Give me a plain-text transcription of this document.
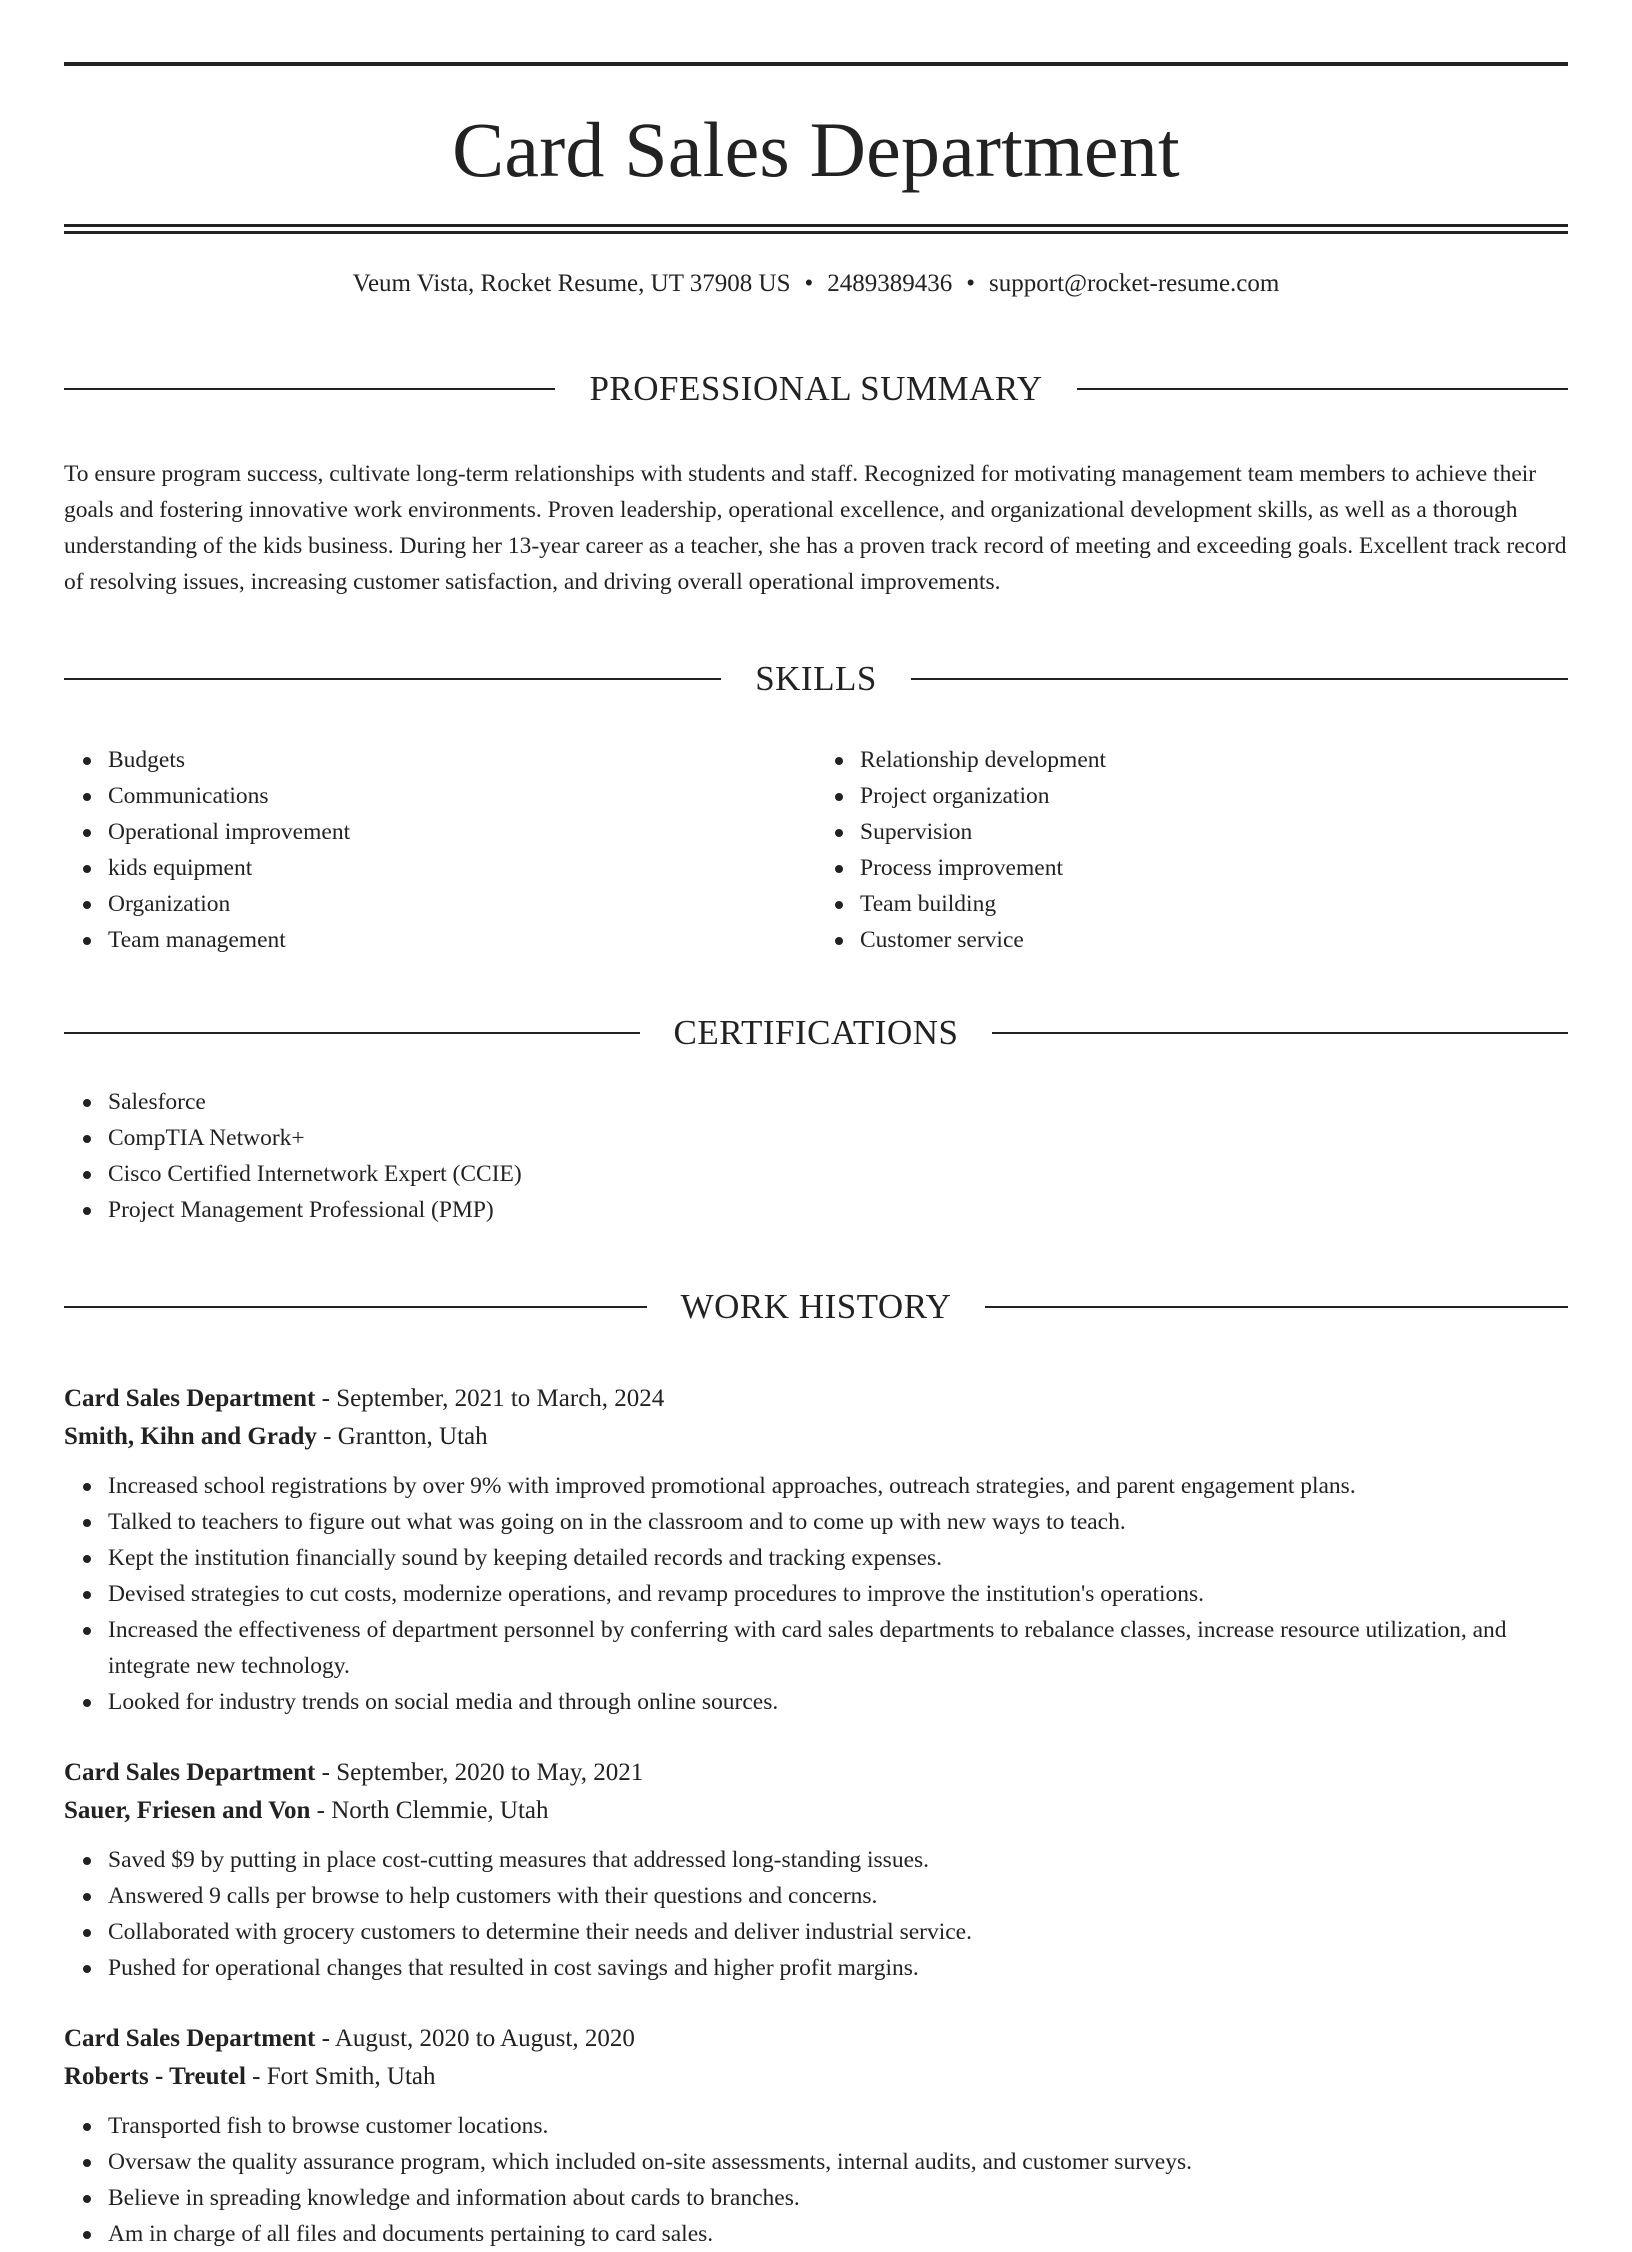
Card Sales Department
Veum Vista, Rocket Resume, UT 37908 US • 2489389436 • support@rocket-resume.com
PROFESSIONAL SUMMARY

To ensure program success, cultivate long-term relationships with students and staff. Recognized for motivating management team members to achieve their goals and fostering innovative work environments. Proven leadership, operational excellence, and organizational development skills, as well as a thorough understanding of the kids business. During her 13-year career as a teacher, she has a proven track record of meeting and exceeding goals. Excellent track record of resolving issues, increasing customer satisfaction, and driving overall operational improvements.

SKILLS
Budgets
Communications
Operational improvement
kids equipment
Organization
Team management
Relationship development
Project organization
Supervision
Process improvement
Team building
Customer service
CERTIFICATIONS
Salesforce
CompTIA Network+
Cisco Certified Internetwork Expert (CCIE)
Project Management Professional (PMP)
WORK HISTORY
Card Sales Department - September, 2021 to March, 2024
Smith, Kihn and Grady - Grantton, Utah
Increased school registrations by over 9% with improved promotional approaches, outreach strategies, and parent engagement plans.
Talked to teachers to figure out what was going on in the classroom and to come up with new ways to teach.
Kept the institution financially sound by keeping detailed records and tracking expenses.
Devised strategies to cut costs, modernize operations, and revamp procedures to improve the institution's operations.
Increased the effectiveness of department personnel by conferring with card sales departments to rebalance classes, increase resource utilization, and integrate new technology.
Looked for industry trends on social media and through online sources.
Card Sales Department - September, 2020 to May, 2021
Sauer, Friesen and Von - North Clemmie, Utah
Saved $9 by putting in place cost-cutting measures that addressed long-standing issues.
Answered 9 calls per browse to help customers with their questions and concerns.
Collaborated with grocery customers to determine their needs and deliver industrial service.
Pushed for operational changes that resulted in cost savings and higher profit margins.
Card Sales Department - August, 2020 to August, 2020
Roberts - Treutel - Fort Smith, Utah
Transported fish to browse customer locations.
Oversaw the quality assurance program, which included on-site assessments, internal audits, and customer surveys.
Believe in spreading knowledge and information about cards to branches.
Am in charge of all files and documents pertaining to card sales.
